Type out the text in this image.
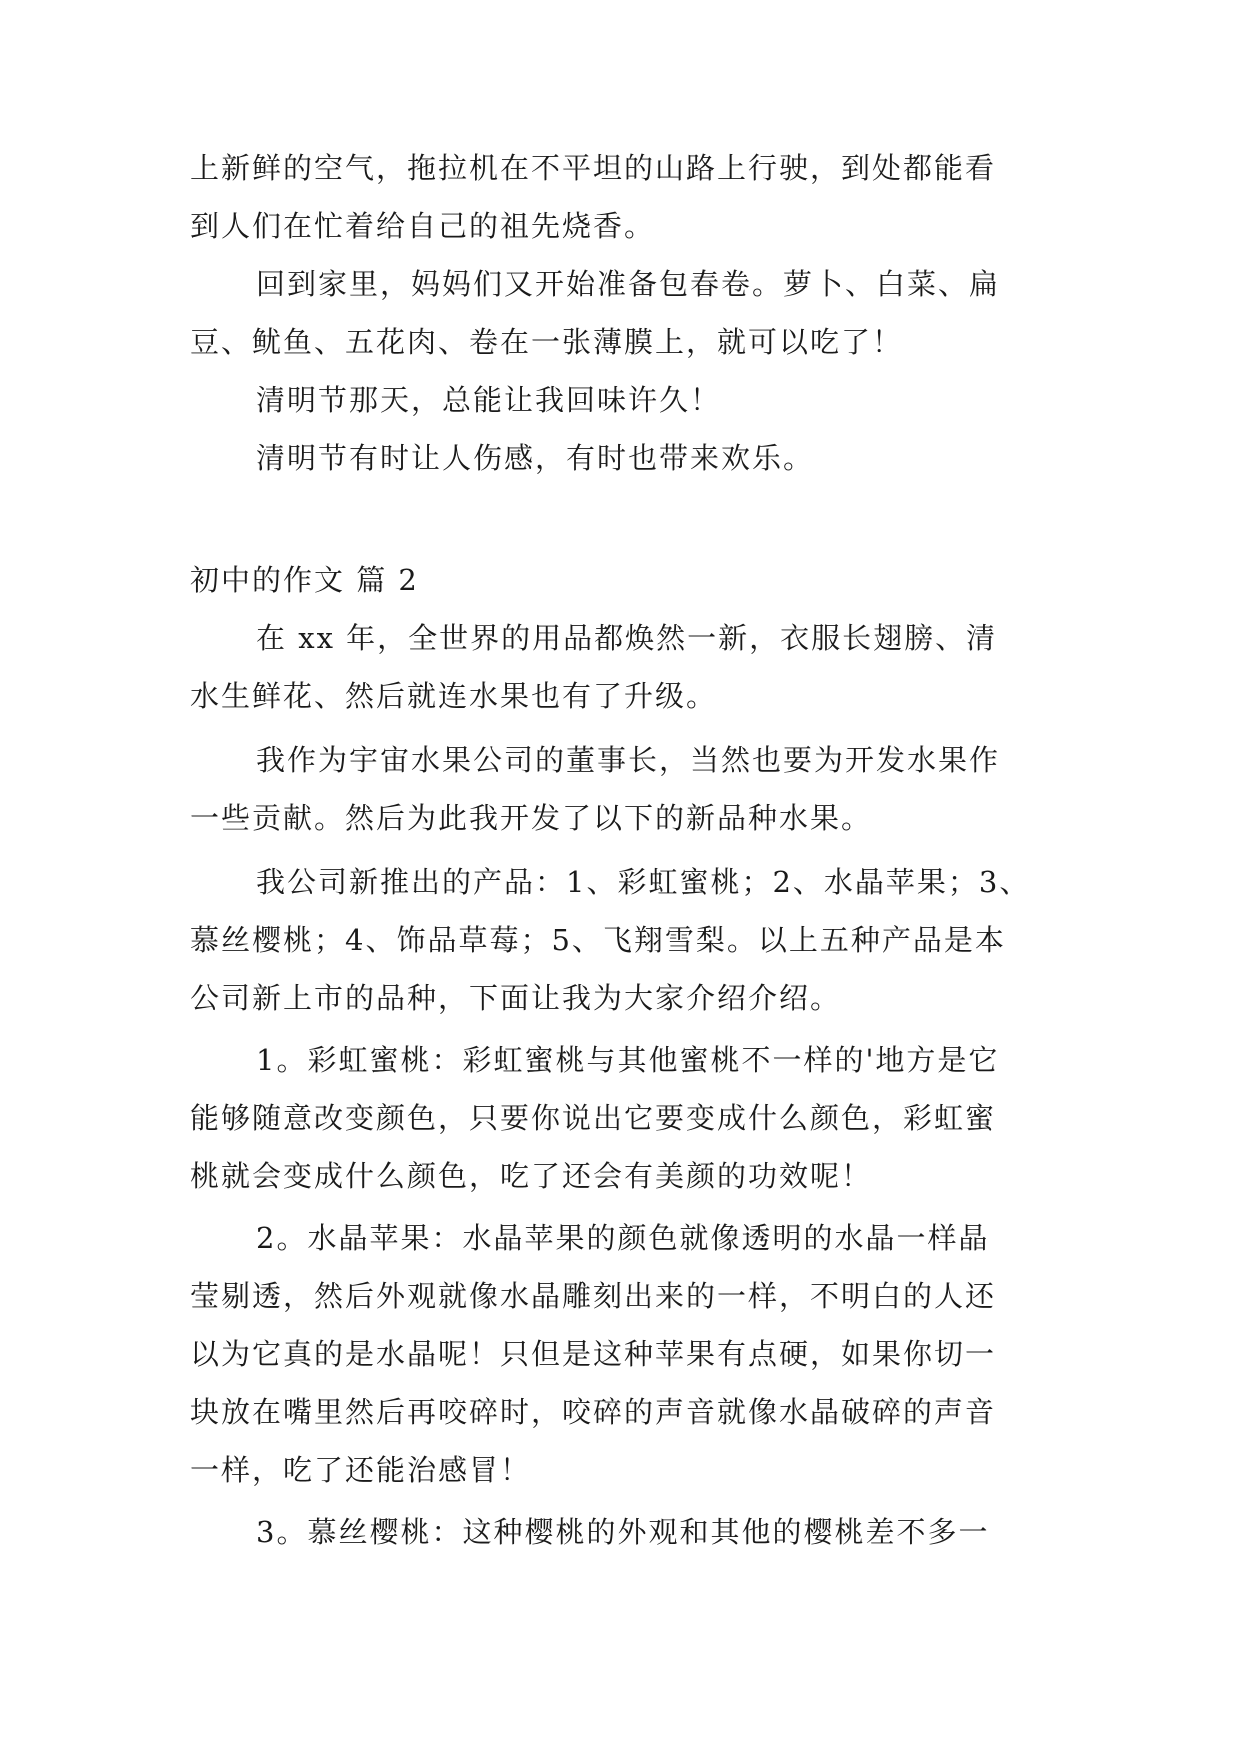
上新鲜的空气，拖拉机在不平坦的山路上行驶，到处都能看
到人们在忙着给自己的祖先烧香。
回到家里，妈妈们又开始准备包春卷。萝卜、白菜、扁
豆、鱿鱼、五花肉、卷在一张薄膜上，就可以吃了！
清明节那天，总能让我回味许久！
清明节有时让人伤感，有时也带来欢乐。
初中的作文 篇 2
在 xx 年，全世界的用品都焕然一新，衣服长翅膀、清
水生鲜花、然后就连水果也有了升级。
我作为宇宙水果公司的董事长，当然也要为开发水果作
一些贡献。然后为此我开发了以下的新品种水果。
我公司新推出的产品：1、彩虹蜜桃；2、水晶苹果；3、
慕丝樱桃；4、饰品草莓；5、飞翔雪梨。以上五种产品是本
公司新上市的品种，下面让我为大家介绍介绍。
1。彩虹蜜桃：彩虹蜜桃与其他蜜桃不一样的'地方是它
能够随意改变颜色，只要你说出它要变成什么颜色，彩虹蜜
桃就会变成什么颜色，吃了还会有美颜的功效呢！
2。水晶苹果：水晶苹果的颜色就像透明的水晶一样晶
莹剔透，然后外观就像水晶雕刻出来的一样，不明白的人还
以为它真的是水晶呢！只但是这种苹果有点硬，如果你切一
块放在嘴里然后再咬碎时，咬碎的声音就像水晶破碎的声音
一样，吃了还能治感冒！
3。慕丝樱桃：这种樱桃的外观和其他的樱桃差不多一
